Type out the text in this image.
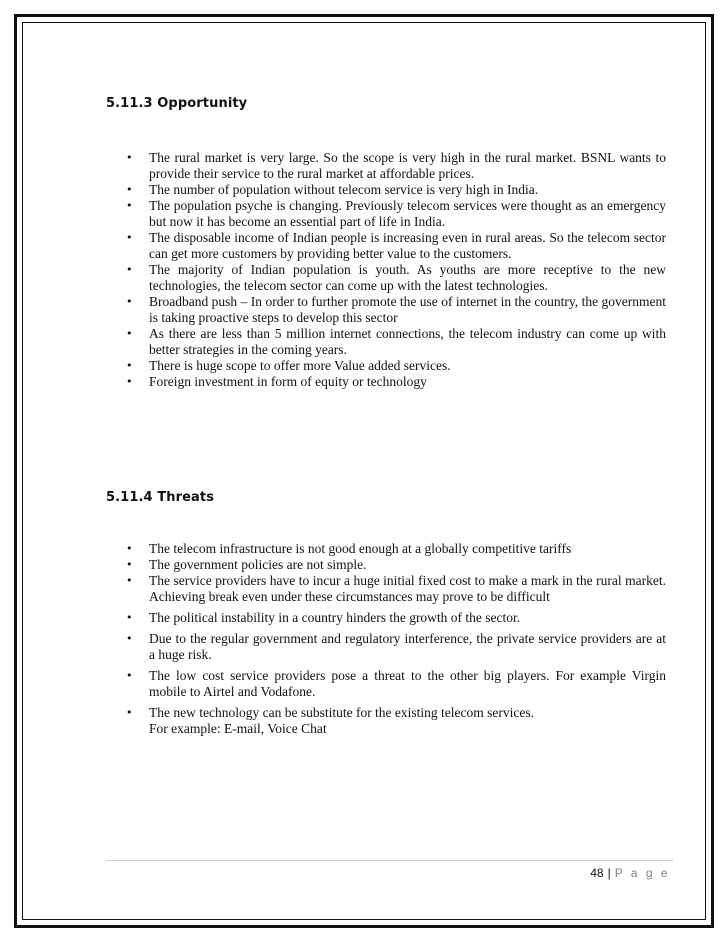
5.11.3 Opportunity
• The rural market is very large. So the scope is very high in the rural market. BSNL wants to provide their service to the rural market at affordable prices.
• The number of population without telecom service is very high in India.
• The population psyche is changing. Previously telecom services were thought as an emergency but now it has become an essential part of life in India.
• The disposable income of Indian people is increasing even in rural areas. So the telecom sector can get more customers by providing better value to the customers.
• The majority of Indian population is youth. As youths are more receptive to the new technologies, the telecom sector can come up with the latest technologies.
• Broadband push – In order to further promote the use of internet in the country, the government is taking proactive steps to develop this sector
• As there are less than 5 million internet connections, the telecom industry can come up with better strategies in the coming years.
• There is huge scope to offer more Value added services.
• Foreign investment in form of equity or technology
5.11.4 Threats
• The telecom infrastructure is not good enough at a globally competitive tariffs
• The government policies are not simple.
• The service providers have to incur a huge initial fixed cost to make a mark in the rural market. Achieving break even under these circumstances may prove to be difficult
• The political instability in a country hinders the growth of the sector.
• Due to the regular government and regulatory interference, the private service providers are at a huge risk.
• The low cost service providers pose a threat to the other big players. For example Virgin mobile to Airtel and Vodafone.
• The new technology can be substitute for the existing telecom services.
For example: E-mail, Voice Chat
48 | P a g e
